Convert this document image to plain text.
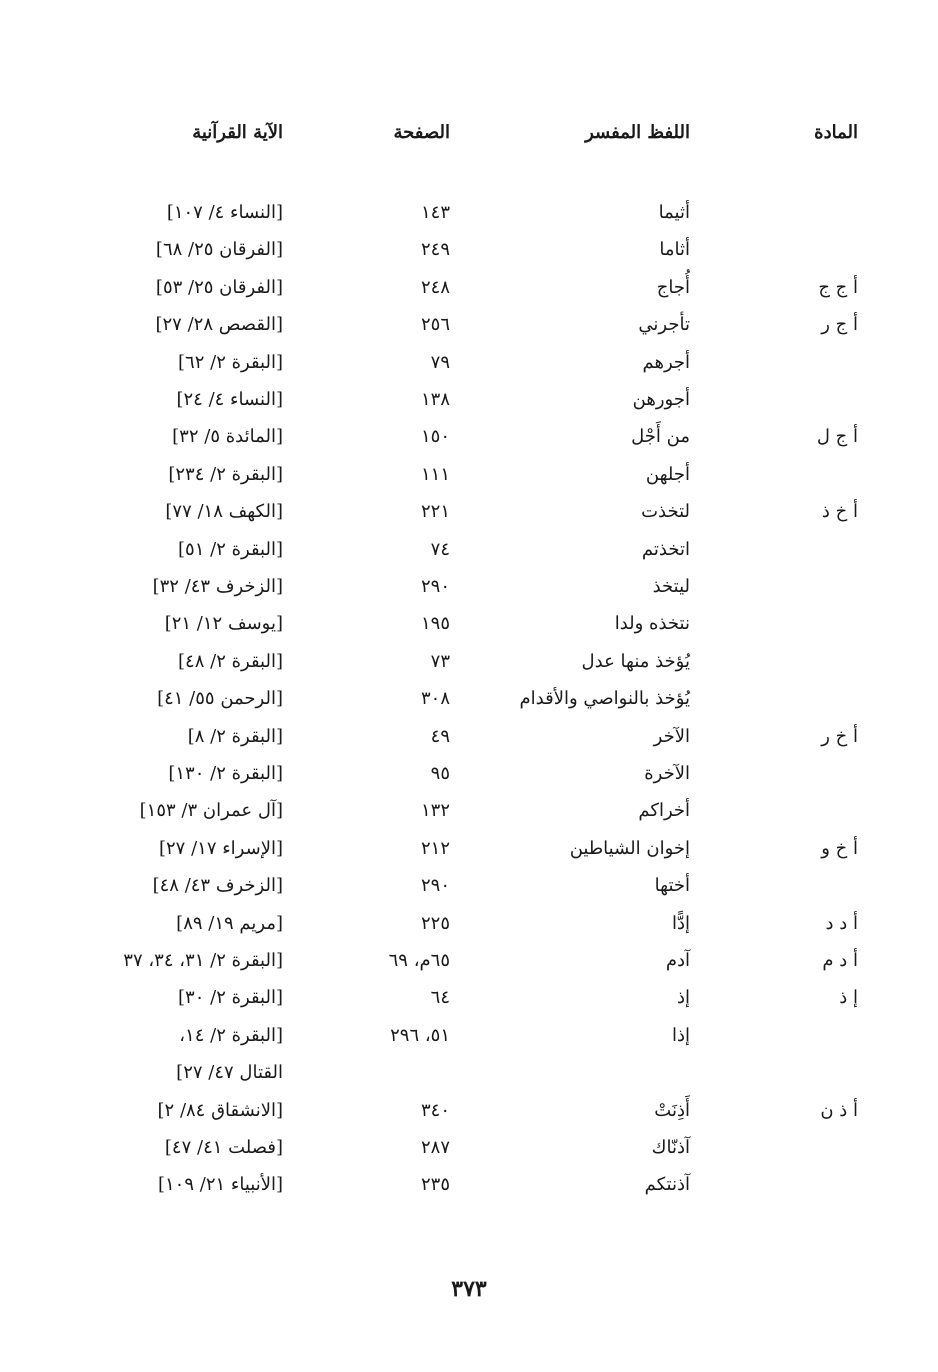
المادة
اللفظ المفسر
الصفحة
الآية القرآنية
أثيما
١٤٣
[النساء ٤/ ١٠٧]
أثاما
٢٤٩
[الفرقان ٢٥/ ٦٨]
أ ج ج
أُجاج
٢٤٨
[الفرقان ٢٥/ ٥٣]
أ ج ر
تأجرني
٢٥٦
[القصص ٢٨/ ٢٧]
أجرهم
٧٩
[البقرة ٢/ ٦٢]
أجورهن
١٣٨
[النساء ٤/ ٢٤]
أ ج ل
من أَجْل
١٥٠
[المائدة ٥/ ٣٢]
أجلهن
١١١
[البقرة ٢/ ٢٣٤]
أ خ ذ
لتخذت
٢٢١
[الكهف ١٨/ ٧٧]
اتخذتم
٧٤
[البقرة ٢/ ٥١]
ليتخذ
٢٩٠
[الزخرف ٤٣/ ٣٢]
نتخذه ولدا
١٩٥
[يوسف ١٢/ ٢١]
يُؤخذ منها عدل
٧٣
[البقرة ٢/ ٤٨]
يُؤخذ بالنواصي والأقدام
٣٠٨
[الرحمن ٥٥/ ٤١]
أ خ ر
الآخر
٤٩
[البقرة ٢/ ٨]
الآخرة
٩٥
[البقرة ٢/ ١٣٠]
أخراكم
١٣٢
[آل عمران ٣/ ١٥٣]
أ خ و
إخوان الشياطين
٢١٢
[الإسراء ١٧/ ٢٧]
أختها
٢٩٠
[الزخرف ٤٣/ ٤٨]
أ د د
إدًّا
٢٢٥
[مريم ١٩/ ٨٩]
أ د م
آدم
٦٥م، ٦٩
[البقرة ٢/ ٣١، ٣٤، ٣٧
إ ذ
إذ
٦٤
[البقرة ٢/ ٣٠]
إذا
٥١، ٢٩٦
[البقرة ٢/ ١٤،
القتال ٤٧/ ٢٧]
أ ذ ن
أَذِنَتْ
٣٤٠
[الانشقاق ٨٤/ ٢]
آذنّاك
٢٨٧
[فصلت ٤١/ ٤٧]
آذنتكم
٢٣٥
[الأنبياء ٢١/ ١٠٩]
٣٧٣
